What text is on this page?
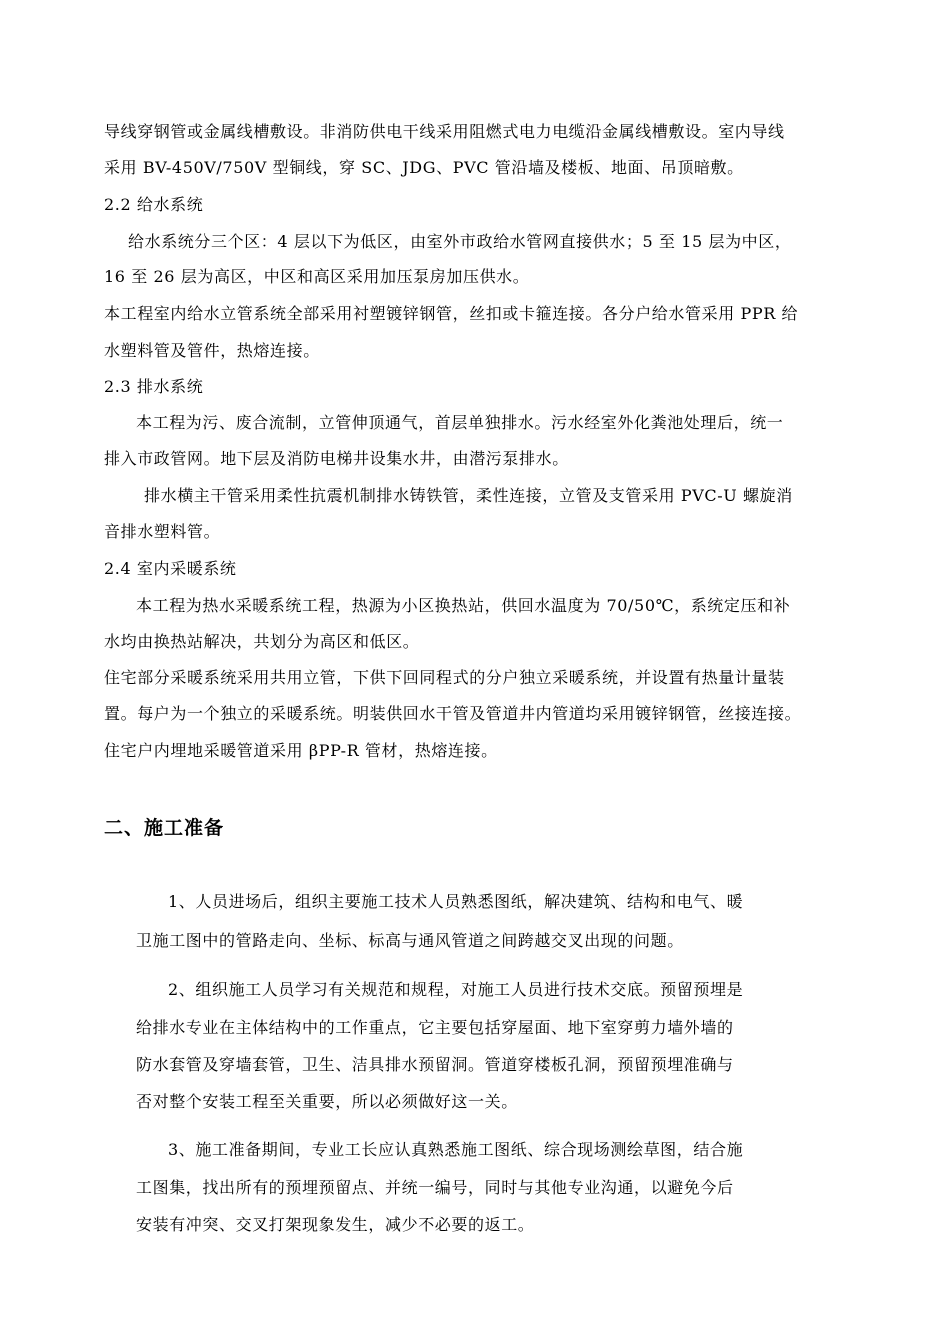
导线穿钢管或金属线槽敷设。非消防供电干线采用阻燃式电力电缆沿金属线槽敷设。室内导线
采用 BV-450V/750V 型铜线，穿 SC、JDG、PVC 管沿墙及楼板、地面、吊顶暗敷。
2.2 给水系统
给水系统分三个区：4 层以下为低区，由室外市政给水管网直接供水；5 至 15 层为中区，
16 至 26 层为高区，中区和高区采用加压泵房加压供水。
本工程室内给水立管系统全部采用衬塑镀锌钢管，丝扣或卡箍连接。各分户给水管采用 PPR 给
水塑料管及管件，热熔连接。
2.3 排水系统
本工程为污、废合流制，立管伸顶通气，首层单独排水。污水经室外化粪池处理后，统一
排入市政管网。地下层及消防电梯井设集水井，由潜污泵排水。
排水横主干管采用柔性抗震机制排水铸铁管，柔性连接，立管及支管采用 PVC-U 螺旋消
音排水塑料管。
2.4 室内采暖系统
本工程为热水采暖系统工程，热源为小区换热站，供回水温度为 70/50℃，系统定压和补
水均由换热站解决，共划分为高区和低区。
住宅部分采暖系统采用共用立管，下供下回同程式的分户独立采暖系统，并设置有热量计量装
置。每户为一个独立的采暖系统。明装供回水干管及管道井内管道均采用镀锌钢管，丝接连接。
住宅户内埋地采暖管道采用 βPP-R 管材，热熔连接。
二、施工准备
1、人员进场后，组织主要施工技术人员熟悉图纸，解决建筑、结构和电气、暖
卫施工图中的管路走向、坐标、标高与通风管道之间跨越交叉出现的问题。
2、组织施工人员学习有关规范和规程，对施工人员进行技术交底。预留预埋是
给排水专业在主体结构中的工作重点，它主要包括穿屋面、地下室穿剪力墙外墙的
防水套管及穿墙套管，卫生、洁具排水预留洞。管道穿楼板孔洞，预留预埋准确与
否对整个安装工程至关重要，所以必须做好这一关。
3、施工准备期间，专业工长应认真熟悉施工图纸、综合现场测绘草图，结合施
工图集，找出所有的预埋预留点、并统一编号，同时与其他专业沟通，以避免今后
安装有冲突、交叉打架现象发生，减少不必要的返工。
